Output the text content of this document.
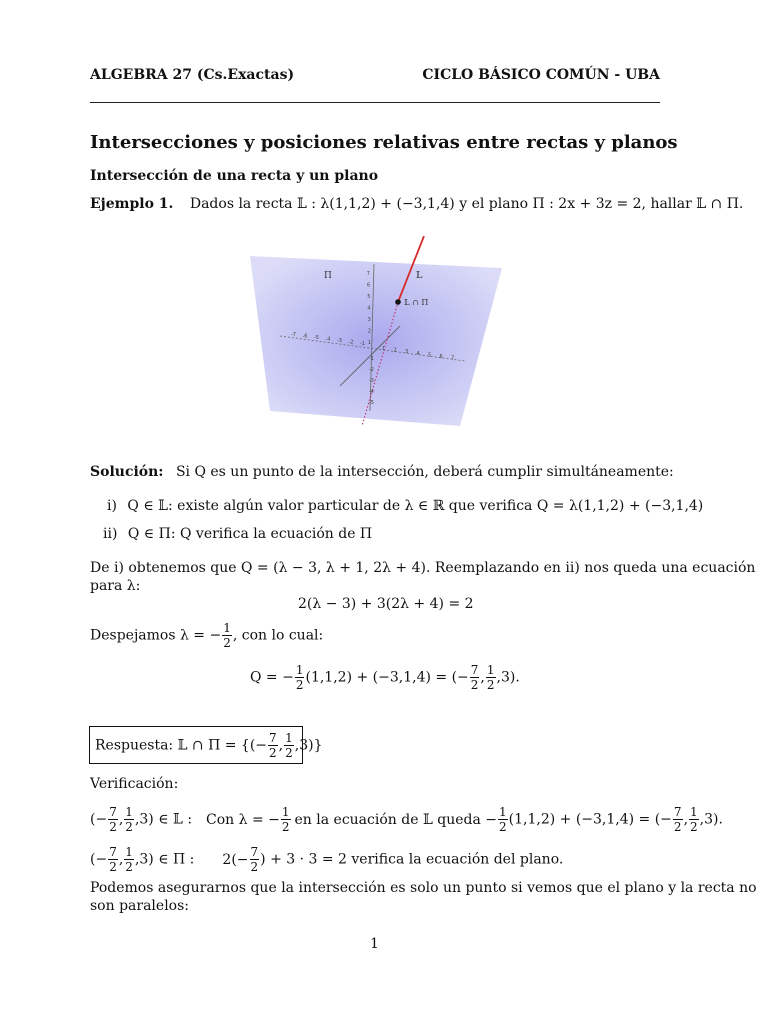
ALGEBRA 27 (Cs.Exactas)	CICLO BÁSICO COMÚN - UBA
Intersecciones y posiciones relativas entre rectas y planos
Intersección de una recta y un plano
Ejemplo 1. Dados la recta 𝕃 : λ(1,1,2) + (−3,1,4) y el plano Π : 2x + 3z = 2, hallar 𝕃 ∩ Π.
Π	𝕃
𝕃 ∩ Π
1
2
3
4
5
6
7
-1
-2
-3
-4
-5
1 2 3 4 5 6 7
-1
-2
-3
-4
-5
-6
-7
Solución: Si Q es un punto de la intersección, deberá cumplir simultáneamente:
i) Q ∈ 𝕃: existe algún valor particular de λ ∈ ℝ que verifica Q = λ(1,1,2) + (−3,1,4)
ii) Q ∈ Π: Q verifica la ecuación de Π
De i) obtenemos que Q = (λ − 3, λ + 1, 2λ + 4). Reemplazando en ii) nos queda una ecuación
para λ:
2(λ − 3) + 3(2λ + 4) = 2
Despejamos λ = − $\frac{1}{2}$ , con lo cual:
Q = − $\frac{1}{2} (1,1,2) + (-3,1,4)$ = (− $\frac{7}{2}$ , $\frac{1}{2} ,3$).
Respuesta: 𝕃 ∩ Π = {(− $\frac{7}{2}$ , $\frac{1}{2} ,3$)}
Verificación:
(− $\frac{7}{2}$ , $\frac{1}{2} ,3$) ∈ 𝕃 : Con λ = − $\frac{1}{2}$ en la ecuación de 𝕃 queda − $\frac{1}{2} (1,1,2) + (-3,1,4)$ = (− $\frac{7}{2}$ , $\frac{1}{2} ,3$).
(− $\frac{7}{2}$ , $\frac{1}{2} ,3$) ∈ Π : $2(- \frac{7}{2}$ ) + 3 · 3 = 2 verifica la ecuación del plano.
Podemos asegurarnos que la intersección es solo un punto si vemos que el plano y la recta no
son paralelos:
1
